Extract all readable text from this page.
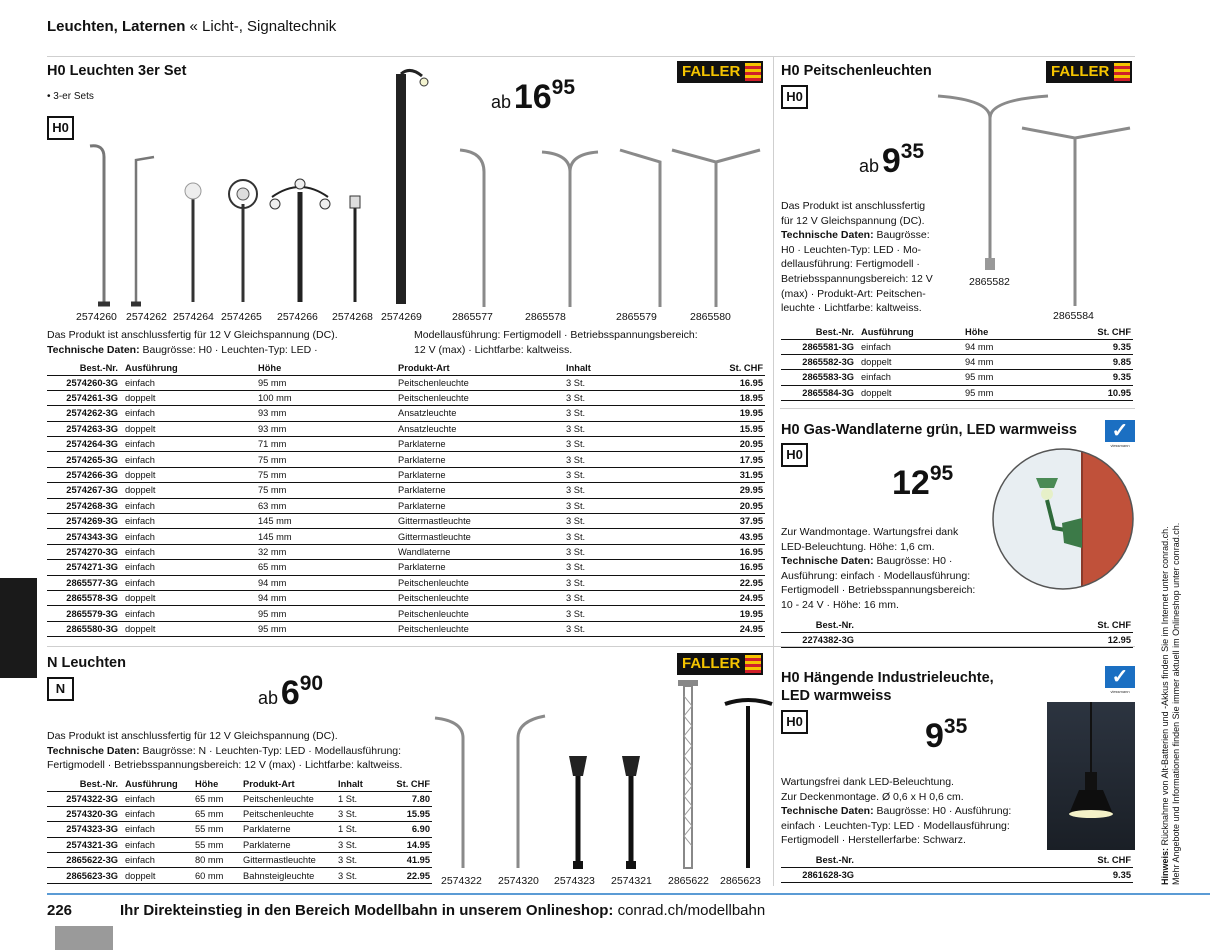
Leuchten, Laternen « Licht-, Signaltechnik
H0 Leuchten 3er Set
• 3-er Sets
H0
FALLER
ab 1695
2574260 2574262 2574264 2574265 2574266 2574268 2574269	2865577	2865578	2865579	2865580
Das Produkt ist anschlussfertig für 12 V Gleichspannung (DC).
Technische Daten: Baugrösse: H0 · Leuchten-Typ: LED ·
Modellausführung: Fertigmodell · Betriebsspannungsbereich:
12 V (max) · Lichtfarbe: kaltweiss.
Best.-Nr.	Ausführung	Höhe	Produkt-Art	Inhalt	St. CHF
2574260-3G	einfach	95 mm	Peitschenleuchte	3 St.	16.95
2574261-3G	doppelt	100 mm	Peitschenleuchte	3 St.	18.95
2574262-3G	einfach	93 mm	Ansatzleuchte	3 St.	19.95
2574263-3G	doppelt	93 mm	Ansatzleuchte	3 St.	15.95
2574264-3G	einfach	71 mm	Parklaterne	3 St.	20.95
2574265-3G	einfach	75 mm	Parklaterne	3 St.	17.95
2574266-3G	doppelt	75 mm	Parklaterne	3 St.	31.95
2574267-3G	doppelt	75 mm	Parklaterne	3 St.	29.95
2574268-3G	einfach	63 mm	Parklaterne	3 St.	20.95
2574269-3G	einfach	145 mm	Gittermastleuchte	3 St.	37.95
2574343-3G	einfach	145 mm	Gittermastleuchte	3 St.	43.95
2574270-3G	einfach	32 mm	Wandlaterne	3 St.	16.95
2574271-3G	einfach	65 mm	Parklaterne	3 St.	16.95
2865577-3G	einfach	94 mm	Peitschenleuchte	3 St.	22.95
2865578-3G	doppelt	94 mm	Peitschenleuchte	3 St.	24.95
2865579-3G	einfach	95 mm	Peitschenleuchte	3 St.	19.95
2865580-3G	doppelt	95 mm	Peitschenleuchte	3 St.	24.95
N Leuchten
N
FALLER
ab 690
Das Produkt ist anschlussfertig für 12 V Gleichspannung (DC).
Technische Daten: Baugrösse: N · Leuchten-Typ: LED · Modellausführung:
Fertigmodell · Betriebsspannungsbereich: 12 V (max) · Lichtfarbe: kaltweiss.
Best.-Nr.	Ausführung	Höhe	Produkt-Art	Inhalt	St. CHF
2574322-3G	einfach	65 mm	Peitschenleuchte	1 St.	7.80
2574320-3G	einfach	65 mm	Peitschenleuchte	3 St.	15.95
2574323-3G	einfach	55 mm	Parklaterne	1 St.	6.90
2574321-3G	einfach	55 mm	Parklaterne	3 St.	14.95
2865622-3G	einfach	80 mm	Gittermastleuchte	3 St.	41.95
2865623-3G	doppelt	60 mm	Bahnsteigleuchte	3 St.	22.95 2574322 2574320 2574323 2574321 2865622 2865623
H0 Peitschenleuchten
H0
FALLER
ab 935
Das Produkt ist anschlussfertig
für 12 V Gleichspannung (DC).
Technische Daten: Baugrösse:
H0 · Leuchten-Typ: LED · Mo-
dellausführung: Fertigmodell ·
Betriebsspannungsbereich: 12 V
(max) · Produkt-Art: Peitschen-
leuchte · Lichtfarbe: kaltweiss.
2865582
2865584
Best.-Nr.	Ausführung	Höhe	St. CHF
2865581-3G	einfach	94 mm	9.35
2865582-3G	doppelt	94 mm	9.85
2865583-3G	einfach	95 mm	9.35
2865584-3G	doppelt	95 mm	10.95
H0 Gas-Wandlaterne grün, LED warmweiss	✓
viessmann
H0
1295
Zur Wandmontage. Wartungsfrei dank
LED-Beleuchtung. Höhe: 1,6 cm.
Technische Daten: Baugrösse: H0 ·
Ausführung: einfach · Modellausführung:
Fertigmodell · Betriebsspannungsbereich:
10 - 24 V · Höhe: 16 mm.
Best.-Nr.	St. CHF
2274382-3G	12.95
H0 Hängende Industrieleuchte,
LED warmweiss
✓
viessmann
H0	935
Wartungsfrei dank LED-Beleuchtung.
Zur Deckenmontage. Ø 0,6 x H 0,6 cm.
Technische Daten: Baugrösse: H0 · Ausführung:
einfach · Leuchten-Typ: LED · Modellausführung:
Fertigmodell · Herstellerfarbe: Schwarz.
Best.-Nr.	St. CHF
2861628-3G	9.35	Hinweis: Rücknahme von Alt-Batterien und -Akkus finden Sie im Internet unter conrad.ch. Mehr Angebote und Informationen finden Sie immer aktuell im Onlineshop unter conrad.ch.
226	Ihr Direkteinstieg in den Bereich Modellbahn in unserem Onlineshop: conrad.ch/modellbahn
